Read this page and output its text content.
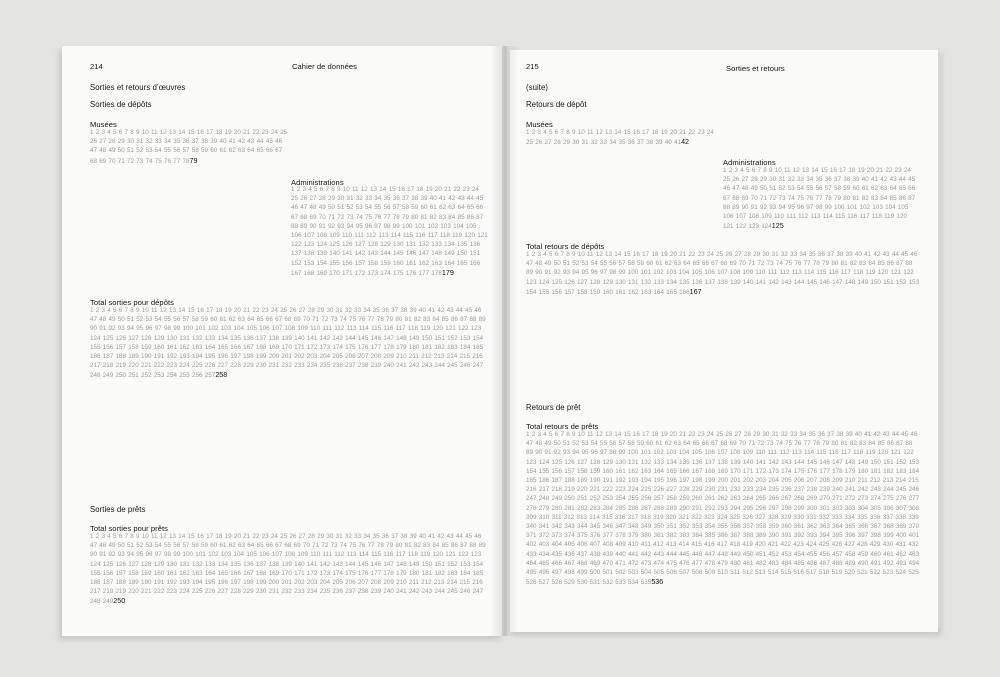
214	Cahier de données
Sorties et retours d’œuvres
Sorties de dépôts
Musées
1 2 3 4 5 6 7 8 9 10 11 12 13 14 15 16 17 18 19 20 21 22 23 24 25 26 27 28 29 30 31 32 33 34 35 36 37 38 39 40 41 42 43 44 45 46 47 48 49 50 51 52 53 54 55 56 57 58 59 60 61 62 63 64 65 66 67 68 69 70 71 72 73 74 75 76 77 7879
Administrations
1 2 3 4 5 6 7 8 9 10 11 12 13 14 15 16 17 18 19 20 21 22 23 24 25 26 27 28 29 30 31 32 33 34 35 36 37 38 39 40 41 42 43 44 45 46 47 48 49 50 51 52 53 54 55 56 57 58 59 60 61 62 63 64 65 66 67 68 69 70 71 72 73 74 75 76 77 78 79 80 81 82 83 84 85 86 87 88 89 90 91 92 93 94 95 96 97 98 99 100 101 102 103 104 105 106 107 108 109 110 111 112 113 114 115 116 117 118 119 120 121 122 123 124 125 126 127 128 129 130 131 132 133 134 135 136 137 138 139 140 141 142 143 144 145 146 147 148 149 150 151 152 153 154 155 156 157 158 159 160 161 162 163 164 165 166 167 168 169 170 171 172 173 174 175 176 177 178179
Total sorties pour dépôts
1 2 3 4 5 6 7 8 9 10 11 12 13 14 15 16 17 18 19 20 21 22 23 24 25 26 27 28 29 30 31 32 33 34 35 36 37 38 39 40 41 42 43 44 45 46 47 48 49 50 51 52 53 54 55 56 57 58 59 60 61 62 63 64 65 66 67 68 69 70 71 72 73 74 75 76 77 78 79 80 81 82 83 84 85 86 87 88 89 90 91 92 93 94 95 96 97 98 99 100 101 102 103 104 105 106 107 108 109 110 111 112 113 114 115 116 117 118 119 120 121 122 123 124 125 126 127 128 129 130 131 132 133 134 135 136 137 138 139 140 141 142 143 144 145 146 147 148 149 150 151 152 153 154 155 156 157 158 159 160 161 162 163 164 165 166 167 168 169 170 171 172 173 174 175 176 177 178 179 180 181 182 183 184 185 186 187 188 189 190 191 192 193 194 195 196 197 198 199 200 201 202 203 204 205 206 207 208 209 210 211 212 213 214 215 216 217 218 219 220 221 222 223 224 225 226 227 228 229 230 231 232 233 234 235 236 237 238 239 240 241 242 243 244 245 246 247 248 249 250 251 252 253 254 255 256 257258
Sorties de prêts
Total sorties pour prêts
1 2 3 4 5 6 7 8 9 10 11 12 13 14 15 16 17 18 19 20 21 22 23 24 25 26 27 28 29 30 31 32 33 34 35 36 37 38 39 40 41 42 43 44 45 46 47 48 49 50 51 52 53 54 55 56 57 58 59 60 61 62 63 64 65 66 67 68 69 70 71 72 73 74 75 76 77 78 79 80 81 82 83 84 85 86 87 88 89 90 91 92 93 94 95 96 97 98 99 100 101 102 103 104 105 106 107 108 109 110 111 112 113 114 115 116 117 118 119 120 121 122 123 124 125 126 127 128 129 130 131 132 133 134 135 136 137 138 139 140 141 142 143 144 145 146 147 148 149 150 151 152 153 154 155 156 157 158 159 160 161 162 163 164 165 166 167 168 169 170 171 172 173 174 175 176 177 178 179 180 181 182 183 184 185 186 187 188 189 190 191 192 193 194 195 196 197 198 199 200 201 202 203 204 205 206 207 208 209 210 211 212 213 214 215 216 217 218 219 220 221 222 223 224 225 226 227 228 229 230 231 232 233 234 235 236 237 238 239 240 241 242 243 244 245 246 247 248 249250
215	Sorties et retours
(suite)
Retours de dépôt
Musées
1 2 3 4 5 6 7 8 9 10 11 12 13 14 15 16 17 18 19 20 21 22 23 24 25 26 27 28 29 30 31 32 33 34 35 36 37 38 39 40 4142
Administrations
1 2 3 4 5 6 7 8 9 10 11 12 13 14 15 16 17 18 19 20 21 22 23 24 25 26 27 28 29 30 31 32 33 34 35 36 37 38 39 40 41 42 43 44 45 46 47 48 49 50 51 52 53 54 55 56 57 58 59 60 61 62 63 64 65 66 67 68 69 70 71 72 73 74 75 76 77 78 79 80 81 82 83 84 85 86 87 88 89 90 91 92 93 94 95 96 97 98 99 100 101 102 103 104 105 106 107 108 109 110 111 112 113 114 115 116 117 118 119 120 121 122 123 124125
Total retours de dépôts
1 2 3 4 5 6 7 8 9 10 11 12 13 14 15 16 17 18 19 20 21 22 23 24 25 26 27 28 29 30 31 32 33 34 35 36 37 38 39 40 41 42 43 44 45 46 47 48 49 50 51 52 53 54 55 56 57 58 59 60 61 62 63 64 65 66 67 68 69 70 71 72 73 74 75 76 77 78 79 80 81 82 83 84 85 86 87 88 89 90 91 92 93 94 95 96 97 98 99 100 101 102 103 104 105 106 107 108 109 110 111 112 113 114 115 116 117 118 119 120 121 122 123 124 125 126 127 128 129 130 131 132 133 134 135 136 137 138 139 140 141 142 143 144 145 146 147 148 149 150 151 152 153 154 155 156 157 158 159 160 161 162 163 164 165 166167
Retours de prêt
Total retours de prêts
1 2 3 4 5 6 7 8 9 10 11 12 13 14 15 16 17 18 19 20 21 22 23 24 25 26 27 28 29 30 31 32 33 34 35 36 37 38 39 40 41 42 43 44 45 46 47 48 49 50 51 52 53 54 55 56 57 58 59 60 61 62 63 64 65 66 67 68 69 70 71 72 73 74 75 76 77 78 79 80 81 82 83 84 85 86 87 88 89 90 91 92 93 94 95 96 97 98 99 100 101 102 103 104 105 106 107 108 109 110 111 112 113 114 115 116 117 118 119 120 121 122 123 124 125 126 127 128 129 130 131 132 133 134 135 136 137 138 139 140 141 142 143 144 145 146 147 148 149 150 151 152 153 154 155 156 157 158 159 160 161 162 163 164 165 166 167 168 169 170 171 172 173 174 175 176 177 178 179 180 181 182 183 184 185 186 187 188 189 190 191 192 193 194 195 196 197 198 199 200 201 202 203 204 205 206 207 208 209 210 211 212 213 214 215 216 217 218 219 220 221 222 223 224 225 226 227 228 229 230 231 232 233 234 235 236 237 238 239 240 241 242 243 244 245 246 247 248 249 250 251 252 253 254 255 256 257 258 259 260 261 262 263 264 265 266 267 268 269 270 271 272 273 274 275 276 277 278 279 280 281 282 283 284 285 286 287 288 289 290 291 292 293 294 295 296 297 298 299 300 301 302 303 304 305 306 307 308 309 310 311 312 313 314 315 316 317 318 319 320 321 322 323 324 325 326 327 328 329 330 331 332 333 334 335 336 337 338 339 340 341 342 343 344 345 346 347 348 349 350 351 352 353 354 355 356 357 358 359 360 361 362 363 364 365 366 367 368 369 370 371 372 373 374 375 376 377 378 379 380 381 382 383 384 385 386 387 388 389 390 391 392 393 394 395 396 397 398 399 400 401 402 403 404 405 406 407 408 409 410 411 412 413 414 415 416 417 418 419 420 421 422 423 424 425 426 427 428 429 430 431 432 433 434 435 436 437 438 439 440 441 442 443 444 445 446 447 448 449 450 451 452 453 454 455 456 457 458 459 460 461 462 463 464 465 466 467 468 469 470 471 472 473 474 475 476 477 478 479 480 481 482 483 484 485 486 487 488 489 490 491 492 493 494 495 496 497 498 499 500 501 502 503 504 505 506 507 508 509 510 511 512 513 514 515 516 517 518 519 520 521 522 523 524 525 526 527 528 529 530 531 532 533 534 535536
